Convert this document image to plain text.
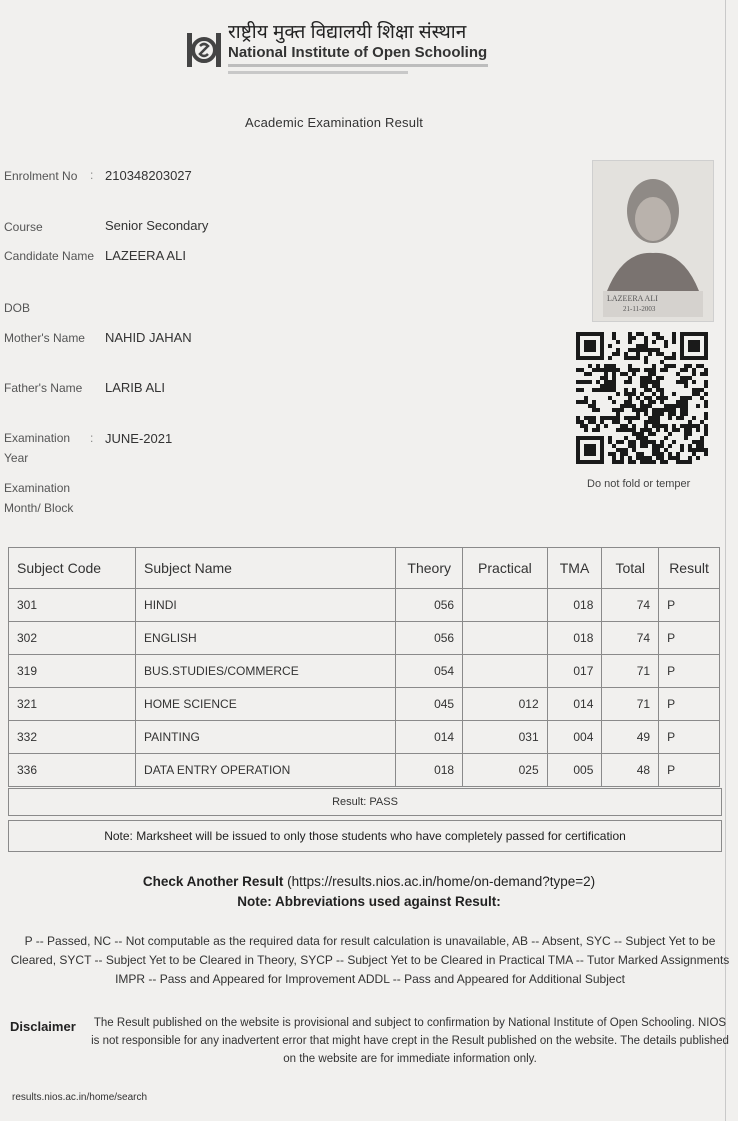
राष्ट्रीय मुक्त विद्यालयी शिक्षा संस्थान
National Institute of Open Schooling
Academic Examination Result
Enrolment No	: 210348203027
Course	Senior Secondary
Candidate Name LAZEERA ALI
DOB
Mother's Name	NAHID JAHAN
Father's Name	LARIB ALI
Examination Year
: JUNE-2021
Examination Month/ Block
LAZEERA ALI
21-11-2003
Do not fold or temper
Subject Code	Subject Name	Theory	Practical	TMA	Total	Result
301	HINDI	056		018	74	P
302	ENGLISH	056		018	74	P
319	BUS.STUDIES/COMMERCE	054		017	71	P
321	HOME SCIENCE	045	012	014	71	P
332	PAINTING	014	031	004	49	P
336	DATA ENTRY OPERATION	018	025	005	48	P
Result: PASS
Note: Marksheet will be issued to only those students who have completely passed for certification
Check Another Result (https://results.nios.ac.in/home/on-demand?type=2)
Note: Abbreviations used against Result:
P -- Passed, NC -- Not computable as the required data for result calculation is unavailable, AB -- Absent, SYC -- Subject Yet to be Cleared, SYCT -- Subject Yet to be Cleared in Theory, SYCP -- Subject Yet to be Cleared in Practical TMA -- Tutor Marked Assignments IMPR -- Pass and Appeared for Improvement ADDL -- Pass and Appeared for Additional Subject
Disclaimer	The Result published on the website is provisional and subject to confirmation by National Institute of Open Schooling. NIOS is not responsible for any inadvertent error that might have crept in the Result published on the website. The details published on the website are for immediate information only.
results.nios.ac.in/home/search
